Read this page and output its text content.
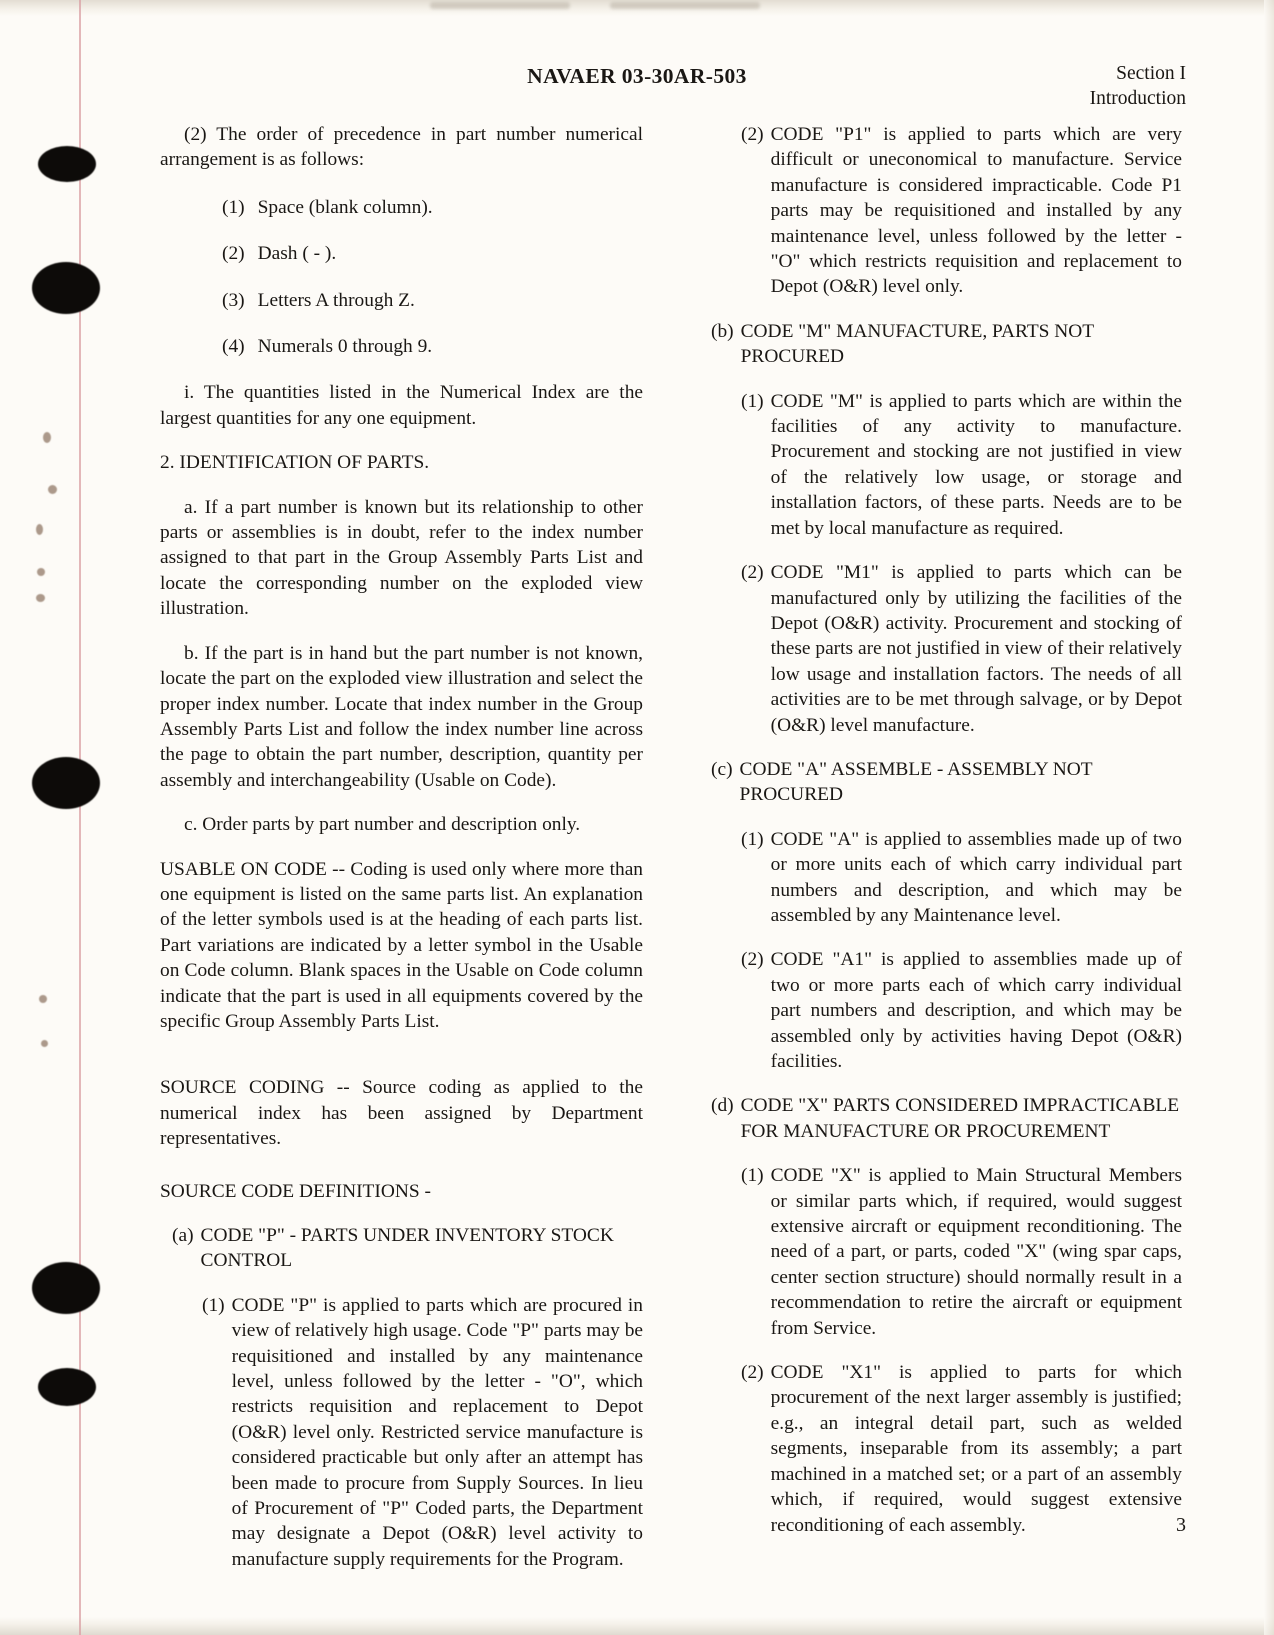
NAVAER 03-30AR-503	Section I
Introduction

(2) The order of precedence in part number numerical arrangement is as follows:

(1) Space (blank column).
(2) Dash ( - ).
(3) Letters A through Z.
(4) Numerals 0 through 9.

i. The quantities listed in the Numerical Index are the largest quantities for any one equipment.

2. IDENTIFICATION OF PARTS.

a. If a part number is known but its relationship to other parts or assemblies is in doubt, refer to the index number assigned to that part in the Group Assembly Parts List and locate the corresponding number on the exploded view illustration.

b. If the part is in hand but the part number is not known, locate the part on the exploded view illustration and select the proper index number. Locate that index number in the Group Assembly Parts List and follow the index number line across the page to obtain the part number, description, quantity per assembly and interchangeability (Usable on Code).

c. Order parts by part number and description only.

USABLE ON CODE -- Coding is used only where more than one equipment is listed on the same parts list. An explanation of the letter symbols used is at the heading of each parts list. Part variations are indicated by a letter symbol in the Usable on Code column. Blank spaces in the Usable on Code column indicate that the part is used in all equipments covered by the specific Group Assembly Parts List.

SOURCE CODING -- Source coding as applied to the numerical index has been assigned by Department representatives.

SOURCE CODE DEFINITIONS -

(a) CODE "P" - PARTS UNDER INVENTORY STOCK CONTROL
(1) CODE "P" is applied to parts which are procured in view of relatively high usage. Code "P" parts may be requisitioned and installed by any maintenance level, unless followed by the letter - "O", which restricts requisition and replacement to Depot (O&R) level only. Restricted service manufacture is considered practicable but only after an attempt has been made to procure from Supply Sources. In lieu of Procurement of "P" Coded parts, the Department may designate a Depot (O&R) level activity to manufacture supply requirements for the Program.
(2) CODE "P1" is applied to parts which are very difficult or uneconomical to manufacture. Service manufacture is considered impracticable. Code P1 parts may be requisitioned and installed by any maintenance level, unless followed by the letter - "O" which restricts requisition and replacement to Depot (O&R) level only.
(b) CODE "M" MANUFACTURE, PARTS NOT PROCURED
(1) CODE "M" is applied to parts which are within the facilities of any activity to manufacture. Procurement and stocking are not justified in view of the relatively low usage, or storage and installation factors, of these parts. Needs are to be met by local manufacture as required.
(2) CODE "M1" is applied to parts which can be manufactured only by utilizing the facilities of the Depot (O&R) activity. Procurement and stocking of these parts are not justified in view of their relatively low usage and installation factors. The needs of all activities are to be met through salvage, or by Depot (O&R) level manufacture.
(c) CODE "A" ASSEMBLE - ASSEMBLY NOT PROCURED
(1) CODE "A" is applied to assemblies made up of two or more units each of which carry individual part numbers and description, and which may be assembled by any Maintenance level.
(2) CODE "A1" is applied to assemblies made up of two or more parts each of which carry individual part numbers and description, and which may be assembled only by activities having Depot (O&R) facilities.
(d) CODE "X" PARTS CONSIDERED IMPRACTICABLE FOR MANUFACTURE OR PROCUREMENT
(1) CODE "X" is applied to Main Structural Members or similar parts which, if required, would suggest extensive aircraft or equipment reconditioning. The need of a part, or parts, coded "X" (wing spar caps, center section structure) should normally result in a recommendation to retire the aircraft or equipment from Service.
(2) CODE "X1" is applied to parts for which procurement of the next larger assembly is justified; e.g., an integral detail part, such as welded segments, inseparable from its assembly; a part machined in a matched set; or a part of an assembly which, if required, would suggest extensive reconditioning of each assembly.	3
